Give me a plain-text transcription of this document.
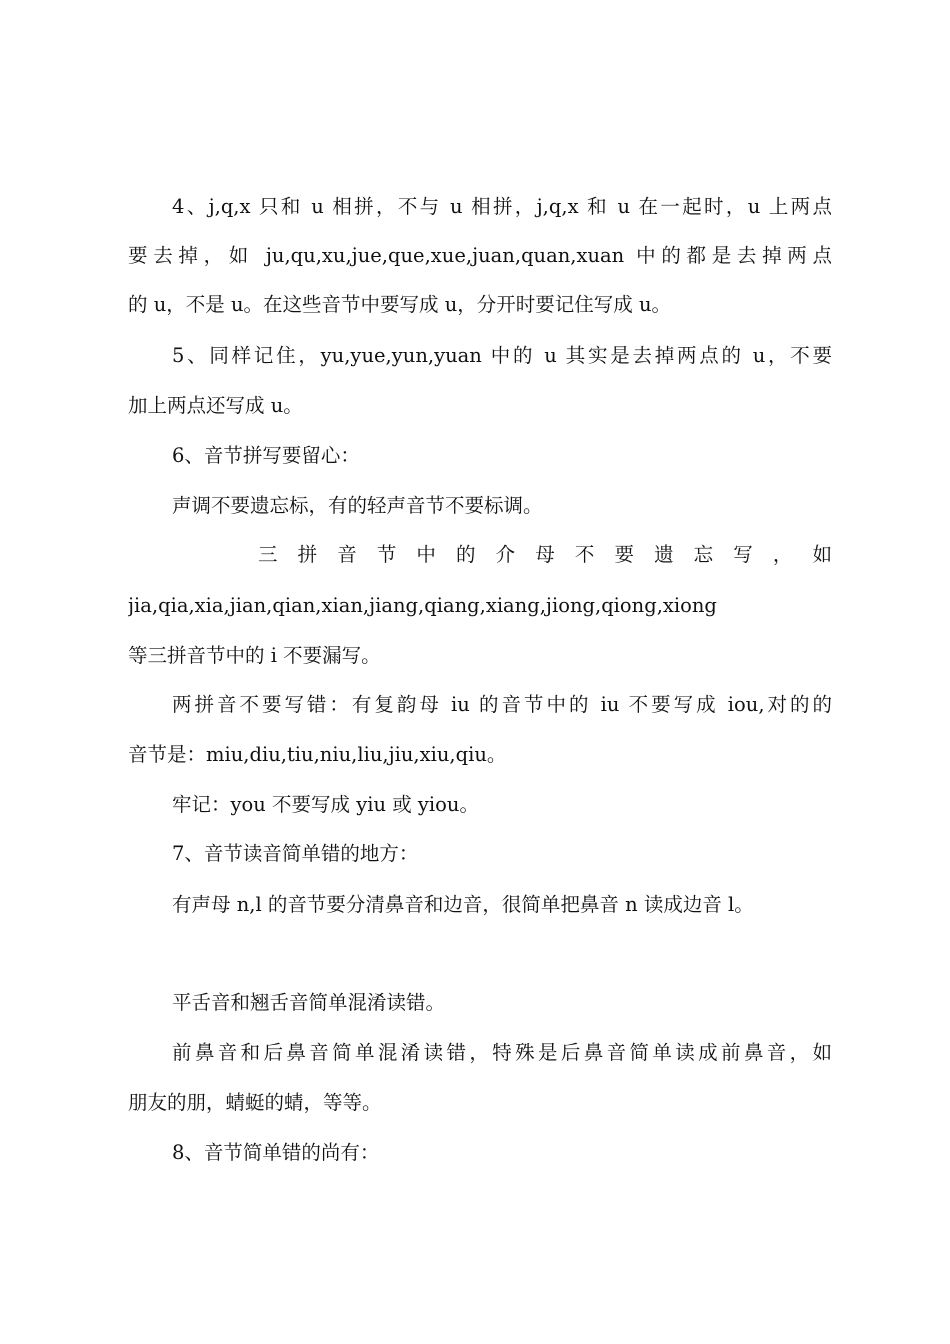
4、j,q,x 只和 u 相拼，不与 u 相拼，j,q,x 和 u 在一起时，u 上两点
要去掉，如 ju,qu,xu,jue,que,xue,juan,quan,xuan 中的都是去掉两点
的 u，不是 u。在这些音节中要写成 u，分开时要记住写成 u。
5、同样记住，yu,yue,yun,yuan 中的 u 其实是去掉两点的 u，不要
加上两点还写成 u。
6、音节拼写要留心：
声调不要遗忘标，有的轻声音节不要标调。
三 拼 音 节 中 的 介 母 不 要 遗 忘 写 ， 如
jia,qia,xia,jian,qian,xian,jiang,qiang,xiang,jiong,qiong,xiong
等三拼音节中的 i 不要漏写。
两拼音不要写错：有复韵母 iu 的音节中的 iu 不要写成 iou,对的的
音节是：miu,diu,tiu,niu,liu,jiu,xiu,qiu。
牢记：you 不要写成 yiu 或 yiou。
7、音节读音简单错的地方：
有声母 n,l 的音节要分清鼻音和边音，很简单把鼻音 n 读成边音 l。
平舌音和翘舌音简单混淆读错。
前鼻音和后鼻音简单混淆读错，特殊是后鼻音简单读成前鼻音，如
朋友的朋，蜻蜓的蜻，等等。
8、音节简单错的尚有：
